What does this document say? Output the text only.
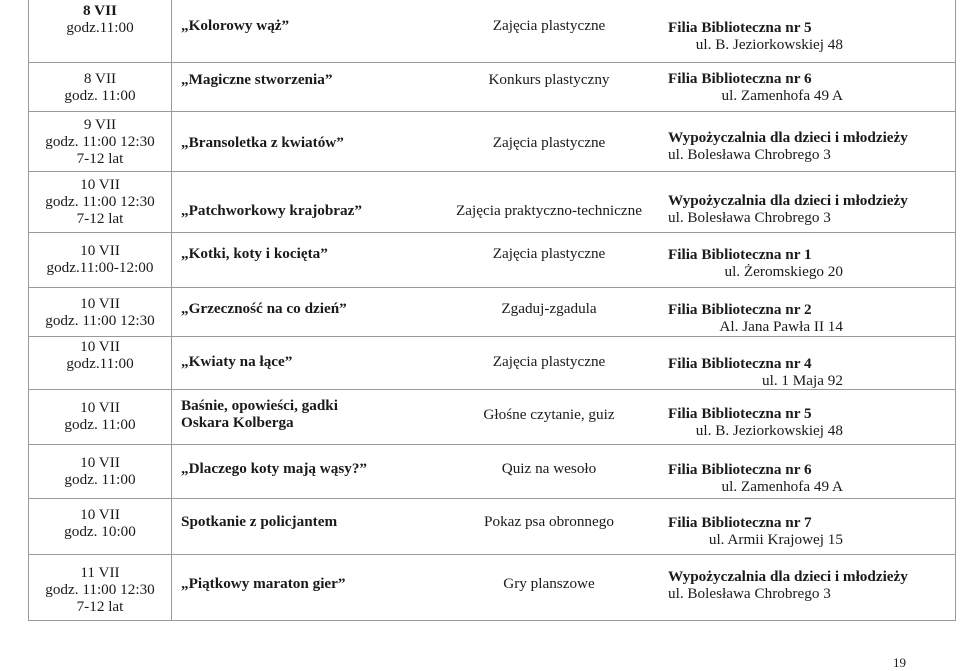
8 VII
godz.11:00	„Kolorowy wąż”	Zajęcia plastyczne	Filia Biblioteczna nr 5
ul. B. Jeziorkowskiej 48
8 VII
godz. 11:00
„Magiczne stworzenia”	Konkurs plastyczny	Filia Biblioteczna nr 6
ul. Zamenhofa 49 A
9 VII
godz. 11:00 12:30
7-12 lat
„Bransoletka z kwiatów”	Zajęcia plastyczne	Wypożyczalnia dla dzieci i młodzieży
ul. Bolesława Chrobrego 3
10 VII
godz. 11:00 12:30
7-12 lat	„Patchworkowy krajobraz”	Zajęcia praktyczno-techniczne
Wypożyczalnia dla dzieci i młodzieży
ul. Bolesława Chrobrego 3
10 VII
godz.11:00-12:00
„Kotki, koty i kocięta”	Zajęcia plastyczne	Filia Biblioteczna nr 1
ul. Żeromskiego 20
10 VII
godz. 11:00 12:30
„Grzeczność na co dzień”	Zgaduj-zgadula	Filia Biblioteczna nr 2
Al. Jana Pawła II 14
10 VII
godz.11:00	„Kwiaty na łące”	Zajęcia plastyczne	Filia Biblioteczna nr 4
ul. 1 Maja 92
10 VII
godz. 11:00
Baśnie, opowieści, gadki
Oskara Kolberga	Głośne czytanie, guiz	Filia Biblioteczna nr 5
ul. B. Jeziorkowskiej 48
10 VII
godz. 11:00
„Dlaczego koty mają wąsy?”	Quiz na wesoło	Filia Biblioteczna nr 6
ul. Zamenhofa 49 A
10 VII
godz. 10:00
Spotkanie z policjantem	Pokaz psa obronnego	Filia Biblioteczna nr 7
ul. Armii Krajowej 15
11 VII
godz. 11:00 12:30
7-12 lat
„Piątkowy maraton gier”	Gry planszowe	Wypożyczalnia dla dzieci i młodzieży
ul. Bolesława Chrobrego 3
19
